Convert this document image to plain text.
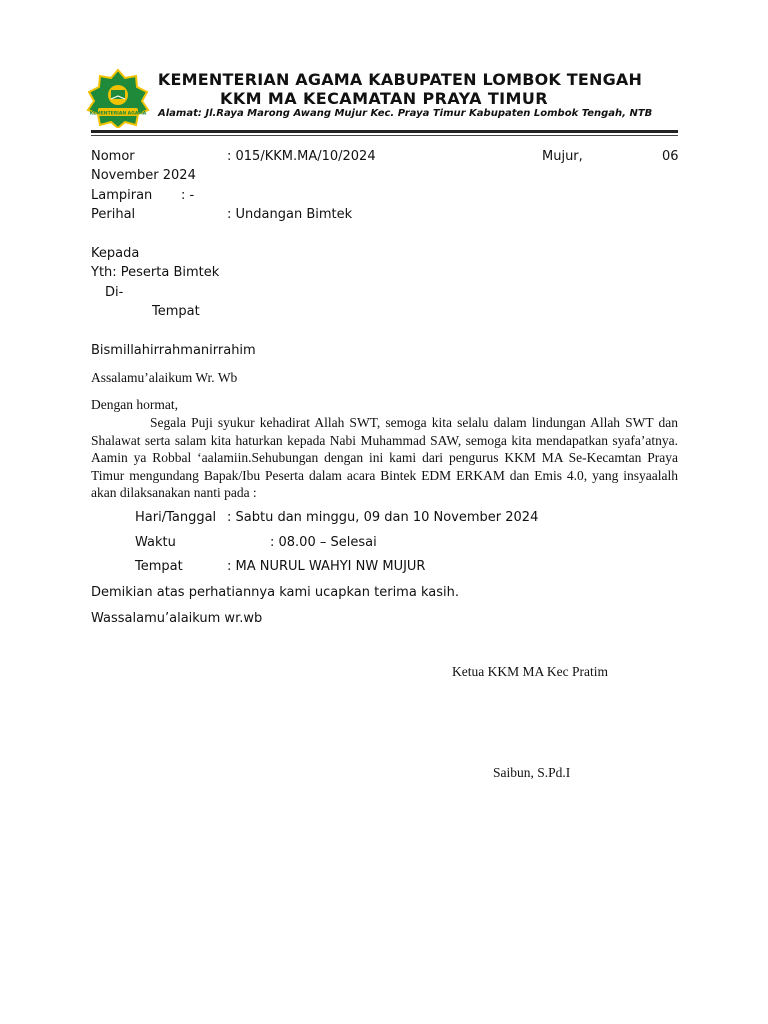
KEMENTERIAN AGAMA
KEMENTERIAN AGAMA KABUPATEN LOMBOK TENGAH
KKM MA KECAMATAN PRAYA TIMUR
Alamat: Jl.Raya Marong Awang Mujur Kec. Praya Timur Kabupaten Lombok Tengah, NTB
Nomor	: 015/KKM.MA/10/2024	Mujur,	06
November 2024
Lampiran : -
Perihal	: Undangan Bimtek
Kepada
Yth: Peserta Bimtek
Di-
Tempat
Bismillahirrahmanirrahim
Assalamu’alaikum Wr. Wb
Dengan hormat,
Segala Puji syukur kehadirat Allah SWT, semoga kita selalu dalam lindungan Allah SWT dan Shalawat serta salam kita haturkan kepada Nabi Muhammad SAW, semoga kita mendapatkan syafa’atnya. Aamin ya Robbal ‘aalamiin.Sehubungan dengan ini kami dari pengurus KKM MA Se-Kecamtan Praya Timur mengundang Bapak/Ibu Peserta dalam acara Bintek EDM ERKAM dan Emis 4.0, yang insyaalalh akan dilaksanakan nanti pada :
Hari/Tanggal : Sabtu dan minggu, 09 dan 10 November 2024
Waktu	: 08.00 – Selesai
Tempat	: MA NURUL WAHYI NW MUJUR
Demikian atas perhatiannya kami ucapkan terima kasih.
Wassalamu’alaikum wr.wb
Ketua KKM MA Kec Pratim
Saibun, S.Pd.I
